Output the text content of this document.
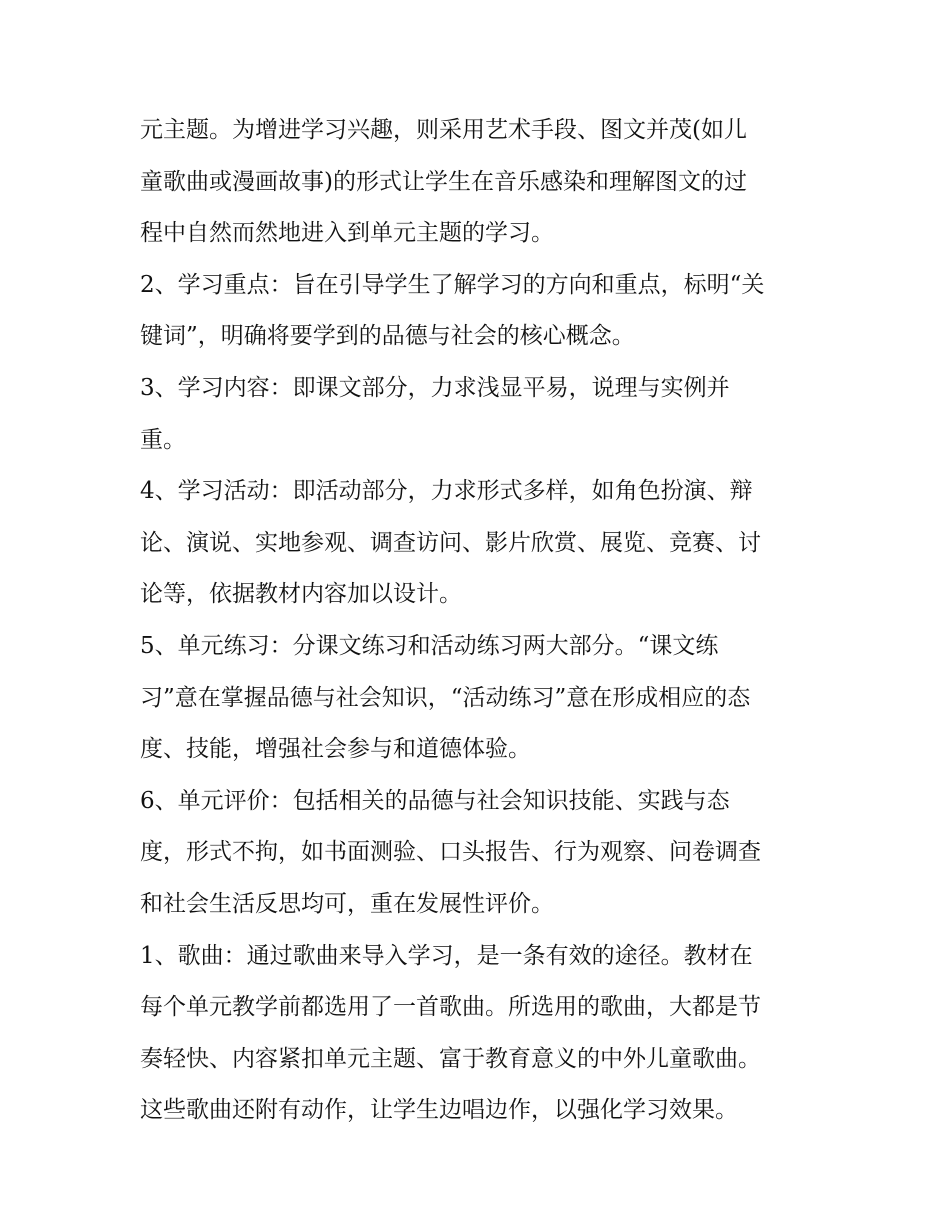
元主题。为增进学习兴趣，则采用艺术手段、图文并茂(如儿
童歌曲或漫画故事)的形式让学生在音乐感染和理解图文的过
程中自然而然地进入到单元主题的学习。
2、学习重点：旨在引导学生了解学习的方向和重点，标明“关
键词”，明确将要学到的品德与社会的核心概念。
3、学习内容：即课文部分，力求浅显平易，说理与实例并
重。
4、学习活动：即活动部分，力求形式多样，如角色扮演、辩
论、演说、实地参观、调查访问、影片欣赏、展览、竞赛、讨
论等，依据教材内容加以设计。
5、单元练习：分课文练习和活动练习两大部分。“课文练
习”意在掌握品德与社会知识，“活动练习”意在形成相应的态
度、技能，增强社会参与和道德体验。
6、单元评价：包括相关的品德与社会知识技能、实践与态
度，形式不拘，如书面测验、口头报告、行为观察、问卷调查
和社会生活反思均可，重在发展性评价。
1、歌曲：通过歌曲来导入学习，是一条有效的途径。教材在
每个单元教学前都选用了一首歌曲。所选用的歌曲，大都是节
奏轻快、内容紧扣单元主题、富于教育意义的中外儿童歌曲。
这些歌曲还附有动作，让学生边唱边作，以强化学习效果。
